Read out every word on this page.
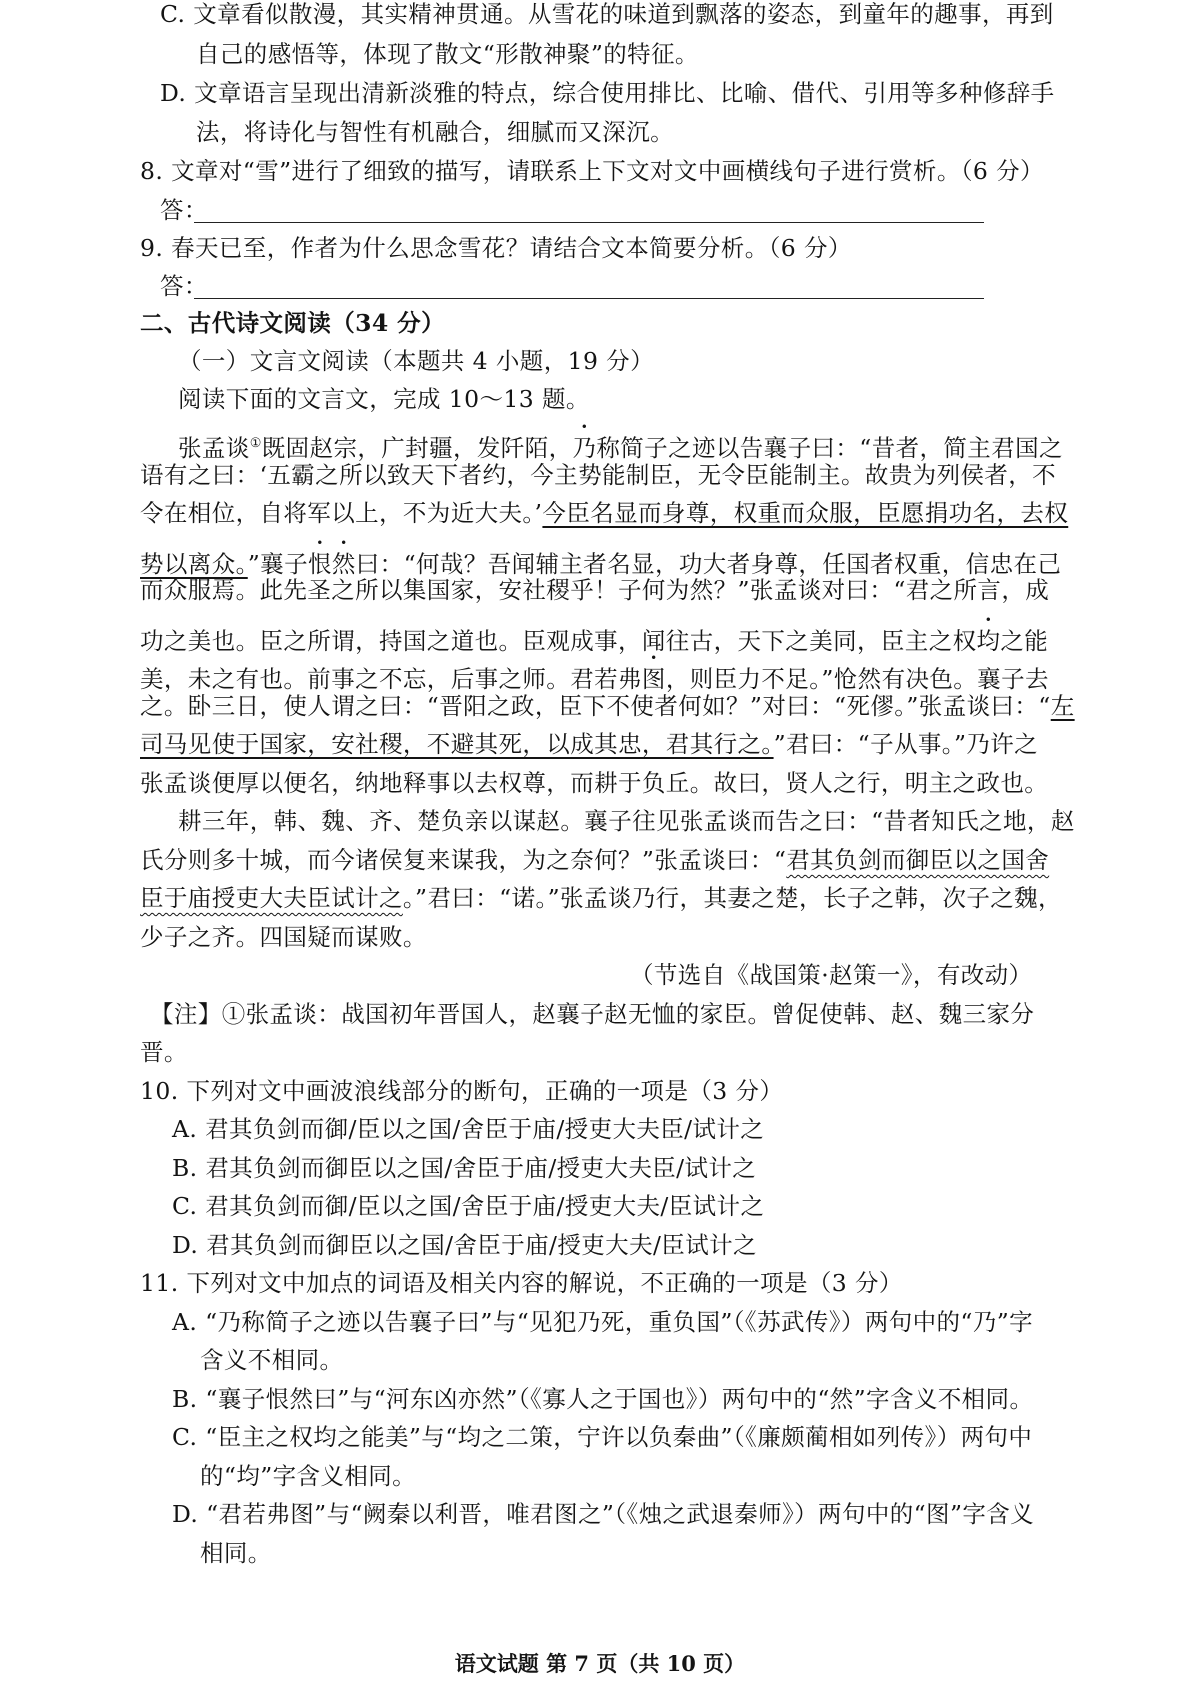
C. 文章看似散漫，其实精神贯通。从雪花的味道到飘落的姿态，到童年的趣事，再到
自己的感悟等，体现了散文“形散神聚”的特征。
D. 文章语言呈现出清新淡雅的特点，综合使用排比、比喻、借代、引用等多种修辞手
法，将诗化与智性有机融合，细腻而又深沉。
8. 文章对“雪”进行了细致的描写，请联系上下文对文中画横线句子进行赏析。（6 分）
答：
9. 春天已至，作者为什么思念雪花？请结合文本简要分析。（6 分）
答：
二、古代诗文阅读（34 分）
（一）文言文阅读（本题共 4 小题，19 分）
阅读下面的文言文，完成 10～13 题。
张孟谈①既固赵宗，广封疆，发阡陌，乃称简子之迹以告襄子曰：“昔者，简主君国之
语有之曰：‘五霸之所以致天下者约，今主势能制臣，无令臣能制主。故贵为列侯者，不
令在相位，自将军以上，不为近大夫。’今臣名显而身尊，权重而众服，臣愿捐功名，去权
势以离众。”襄子恨然曰：“何哉？吾闻辅主者名显，功大者身尊，任国者权重，信忠在己
而众服焉。此先圣之所以集国家，安社稷乎！子何为然？”张孟谈对曰：“君之所言，成
功之美也。臣之所谓，持国之道也。臣观成事，闻往古，天下之美同，臣主之权均之能
美，未之有也。前事之不忘，后事之师。君若弗图，则臣力不足。”怆然有决色。襄子去
之。卧三日，使人谓之曰：“晋阳之政，臣下不使者何如？”对曰：“死僇。”张孟谈曰：“左
司马见使于国家，安社稷，不避其死，以成其忠，君其行之。”君曰：“子从事。”乃许之
张孟谈便厚以便名，纳地释事以去权尊，而耕于负丘。故曰，贤人之行，明主之政也。
耕三年，韩、魏、齐、楚负亲以谋赵。襄子往见张孟谈而告之曰：“昔者知氏之地，赵
氏分则多十城，而今诸侯复来谋我，为之奈何？”张孟谈曰：“君其负剑而御臣以之国舍
臣于庙授吏大夫臣试计之。”君曰：“诺。”张孟谈乃行，其妻之楚，长子之韩，次子之魏，
少子之齐。四国疑而谋败。
（节选自《战国策·赵策一》，有改动）
【注】①张孟谈：战国初年晋国人，赵襄子赵无恤的家臣。曾促使韩、赵、魏三家分
晋。
10. 下列对文中画波浪线部分的断句，正确的一项是（3 分）
A. 君其负剑而御/臣以之国/舍臣于庙/授吏大夫臣/试计之
B. 君其负剑而御臣以之国/舍臣于庙/授吏大夫臣/试计之
C. 君其负剑而御/臣以之国/舍臣于庙/授吏大夫/臣试计之
D. 君其负剑而御臣以之国/舍臣于庙/授吏大夫/臣试计之
11. 下列对文中加点的词语及相关内容的解说，不正确的一项是（3 分）
A. “乃称简子之迹以告襄子曰”与“见犯乃死，重负国”（《苏武传》）两句中的“乃”字
含义不相同。
B. “襄子恨然曰”与“河东凶亦然”（《寡人之于国也》）两句中的“然”字含义不相同。
C. “臣主之权均之能美”与“均之二策，宁许以负秦曲”（《廉颇蔺相如列传》）两句中
的“均”字含义相同。
D. “君若弗图”与“阙秦以利晋，唯君图之”（《烛之武退秦师》）两句中的“图”字含义
相同。
语文试题 第 7 页（共 10 页）
